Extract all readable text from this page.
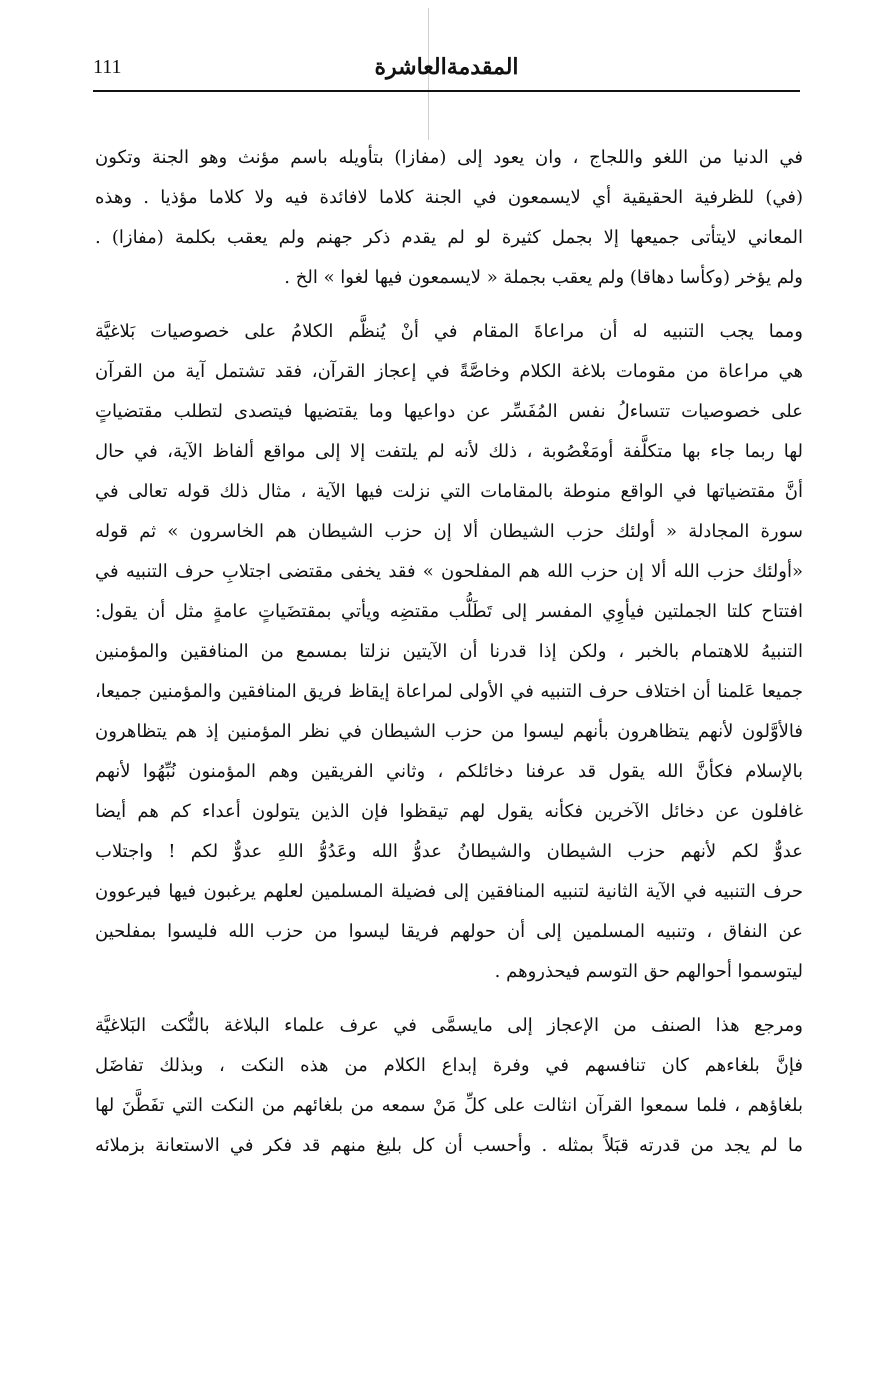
111	المقدمةالعاشرة
في الدنيا من اللغو واللجاج ، وان يعود إلى (مفازا) بتأويله باسم مؤنث وهو الجنة وتكون
(في) للظرفية الحقيقية أي لايسمعون في الجنة كلاما لافائدة فيه ولا كلاما مؤذيا . وهذه
المعاني لايتأتى جميعها إلا بجمل كثيرة لو لم يقدم ذكر جهنم ولم يعقب بكلمة (مفازا) .
ولم يؤخر (وكأسا دهاقا) ولم يعقب بجملة « لايسمعون فيها لغوا » الخ .
ومما يجب التنبيه له أن مراعاةَ المقام في أنْ يُنظَّم الكلامُ على خصوصيات بَلاغيَّة
هي مراعاة من مقومات بلاغة الكلام وخاصَّةً في إعجاز القرآن، فقد تشتمل آية من القرآن
على خصوصيات تتساءلُ نفس المُفَسِّر عن دواعيها وما يقتضيها فيتصدى لتطلب مقتضياتٍ
لها ربما جاء بها متكلَّفة أومَغْصُوبة ، ذلك لأنه لم يلتفت إلا إلى مواقع ألفاظ الآية، في حال
أنَّ مقتضياتها في الواقع منوطة بالمقامات التي نزلت فيها الآية ، مثال ذلك قوله تعالى في
سورة المجادلة « أولئك حزب الشيطان ألا إن حزب الشيطان هم الخاسرون » ثم قوله
«أولئك حزب الله ألا إن حزب الله هم المفلحون » فقد يخفى مقتضى اجتلابِ حرف التنبيه في
افتتاح كلتا الجملتين فيأوِي المفسر إلى تَطَلُّب مقتضِه ويأتي بمقتضَياتٍ عامةٍ مثل أن يقول:
التنبيهُ للاهتمام بالخبر ، ولكن إذا قدرنا أن الآيتين نزلتا بمسمع من المنافقين والمؤمنين
جميعا عَلمنا أن اختلاف حرف التنبيه في الأولى لمراعاة إيقاظ فريق المنافقين والمؤمنين جميعا،
فالأوَّلون لأنهم يتظاهرون بأنهم ليسوا من حزب الشيطان في نظر المؤمنين إذ هم يتظاهرون
بالإسلام فكأنَّ الله يقول قد عرفنا دخائلكم ، وثاني الفريقين وهم المؤمنون نُبِّهُوا لأنهم
غافلون عن دخائل الآخرين فكأنه يقول لهم تيقظوا فإن الذين يتولون أعداء كم هم أيضا
عدوٌّ لكم لأنهم حزب الشيطان والشيطانُ عدوُّ الله وعَدُوُّ اللهِ عدوٌّ لكم ! واجتلاب
حرف التنبيه في الآية الثانية لتنبيه المنافقين إلى فضيلة المسلمين لعلهم يرغبون فيها فيرعوون
عن النفاق ، وتنبيه المسلمين إلى أن حولهم فريقا ليسوا من حزب الله فليسوا بمفلحين
ليتوسموا أحوالهم حق التوسم فيحذروهم .
ومرجع هذا الصنف من الإعجاز إلى مايسمَّى في عرف علماء البلاغة بالنُّكت البَلاغيَّة
فإنَّ بلغاءهم كان تنافسهم في وفرة إبداع الكلام من هذه النكت ، وبذلك تفاضَل
بلغاؤهم ، فلما سمعوا القرآن انثالت على كلِّ مَنْ سمعه من بلغائهم من النكت التي تفَطَّنَ لها
ما لم يجد من قدرته قبَلاً بمثله . وأحسب أن كل بليغ منهم قد فكر في الاستعانة بزملائه
